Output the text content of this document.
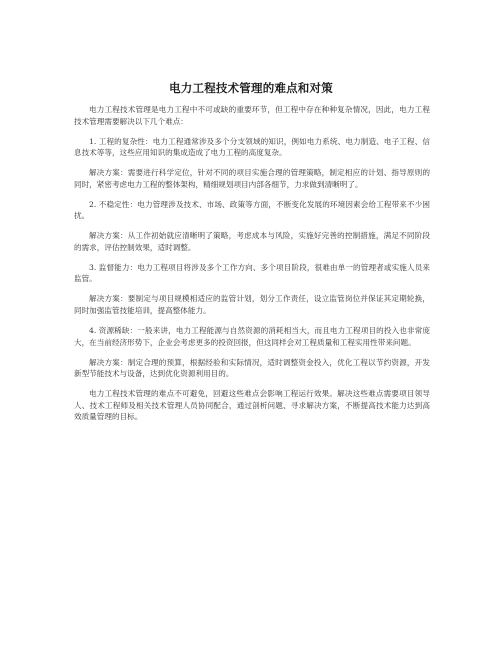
电力工程技术管理的难点和对策

电力工程技术管理是电力工程中不可或缺的重要环节，但工程中存在种种复杂情况，因此，电力工程技术管理需要解决以下几个难点：

1. 工程的复杂性：电力工程通常涉及多个分支领域的知识，例如电力系统、电力制造、电子工程、信息技术等等，这些应用知识的集成造成了电力工程的高度复杂。

解决方案：需要进行科学定位，针对不同的项目实施合理的管理策略，制定相应的计划、指导原则的同时，紧密考虑电力工程的整体架构，精细规划项目内部各细节，力求做到清晰明了。

2. 不稳定性：电力管理涉及技术、市场、政策等方面，不断变化发展的环境因素会给工程带来不少困扰。

解决方案：从工作初始就应清晰明了策略，考虑成本与风险，实施好完善的控制措施，满足不同阶段的需求，评估控制效果，适时调整。

3. 监督能力：电力工程项目将涉及多个工作方向、多个项目阶段，很难由单一的管理者或实施人员来监管。

解决方案：要制定与项目规模相适应的监管计划，划分工作责任，设立监管岗位并保证其定期轮换，同时加强监管技能培训，提高整体能力。

4. 资源稀缺：一般来讲，电力工程能源与自然资源的消耗相当大，而且电力工程项目的投入也非常庞大，在当前经济形势下，企业会考虑更多的投资回报，但这同样会对工程质量和工程实用性带来问题。

解决方案：制定合理的预算，根据经验和实际情况，适时调整资金投入，优化工程以节约资源，开发新型节能技术与设备，达到优化资源利用目的。

电力工程技术管理的难点不可避免，回避这些难点会影响工程运行效果。解决这些难点需要项目领导人、技术工程师及相关技术管理人员协同配合，通过剖析问题、寻求解决方案，不断提高技术能力达到高效质量管理的目标。
